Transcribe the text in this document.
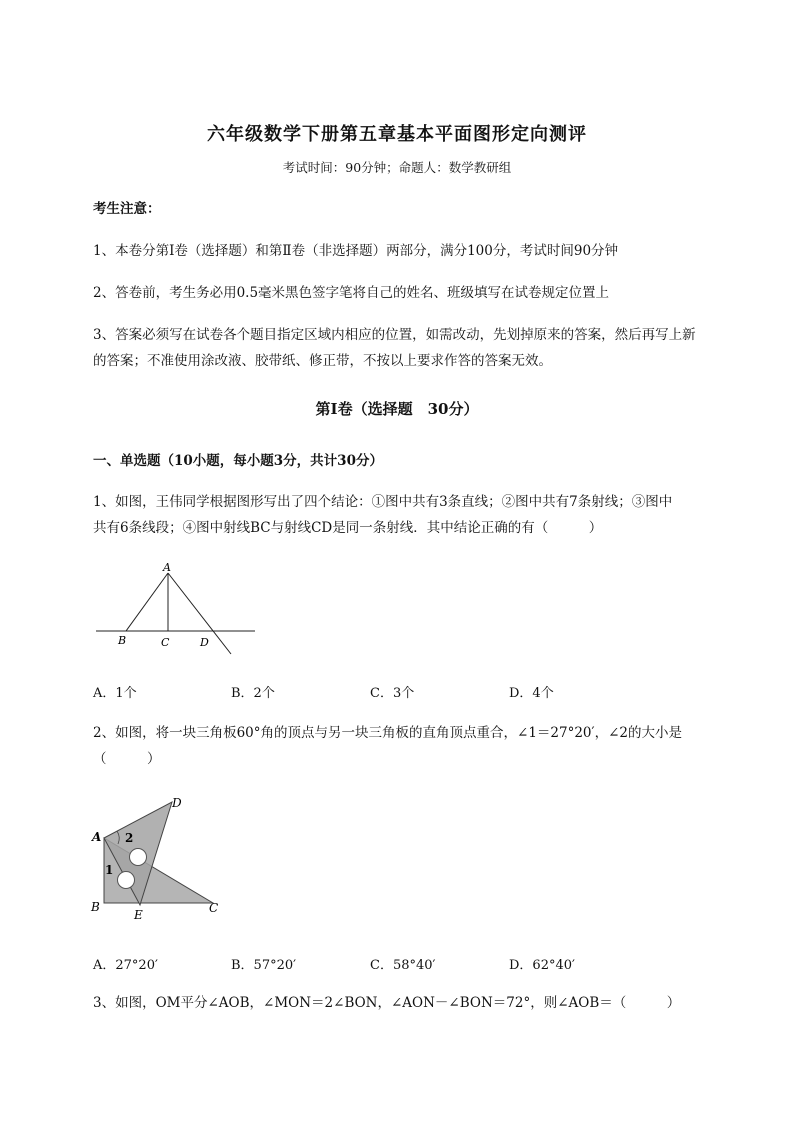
六年级数学下册第五章基本平面图形定向测评
考试时间：90分钟；命题人：数学教研组
考生注意：
1、本卷分第Ⅰ卷（选择题）和第Ⅱ卷（非选择题）两部分，满分100分，考试时间90分钟
2、答卷前，考生务必用0.5毫米黑色签字笔将自己的姓名、班级填写在试卷规定位置上
3、答案必须写在试卷各个题目指定区域内相应的位置，如需改动，先划掉原来的答案，然后再写上新
的答案；不准使用涂改液、胶带纸、修正带，不按以上要求作答的答案无效。
第Ⅰ卷（选择题　30分）
一、单选题（10小题，每小题3分，共计30分）
1、如图，王伟同学根据图形写出了四个结论：①图中共有3条直线；②图中共有7条射线；③图中
共有6条线段；④图中射线BC与射线CD是同一条射线．其中结论正确的有（　　　）
A
B	C	D
A．1个	B．2个	C．3个	D．4个
2、如图，将一块三角板60°角的顶点与另一块三角板的直角顶点重合，∠1＝27°20′，∠2的大小是
（　　　）
A
D
B
E	C
2
1
A．27°20′	B．57°20′	C．58°40′	D．62°40′
3、如图，OM平分∠AOB，∠MON＝2∠BON，∠AON－∠BON＝72°，则∠AOB＝（　　　）
